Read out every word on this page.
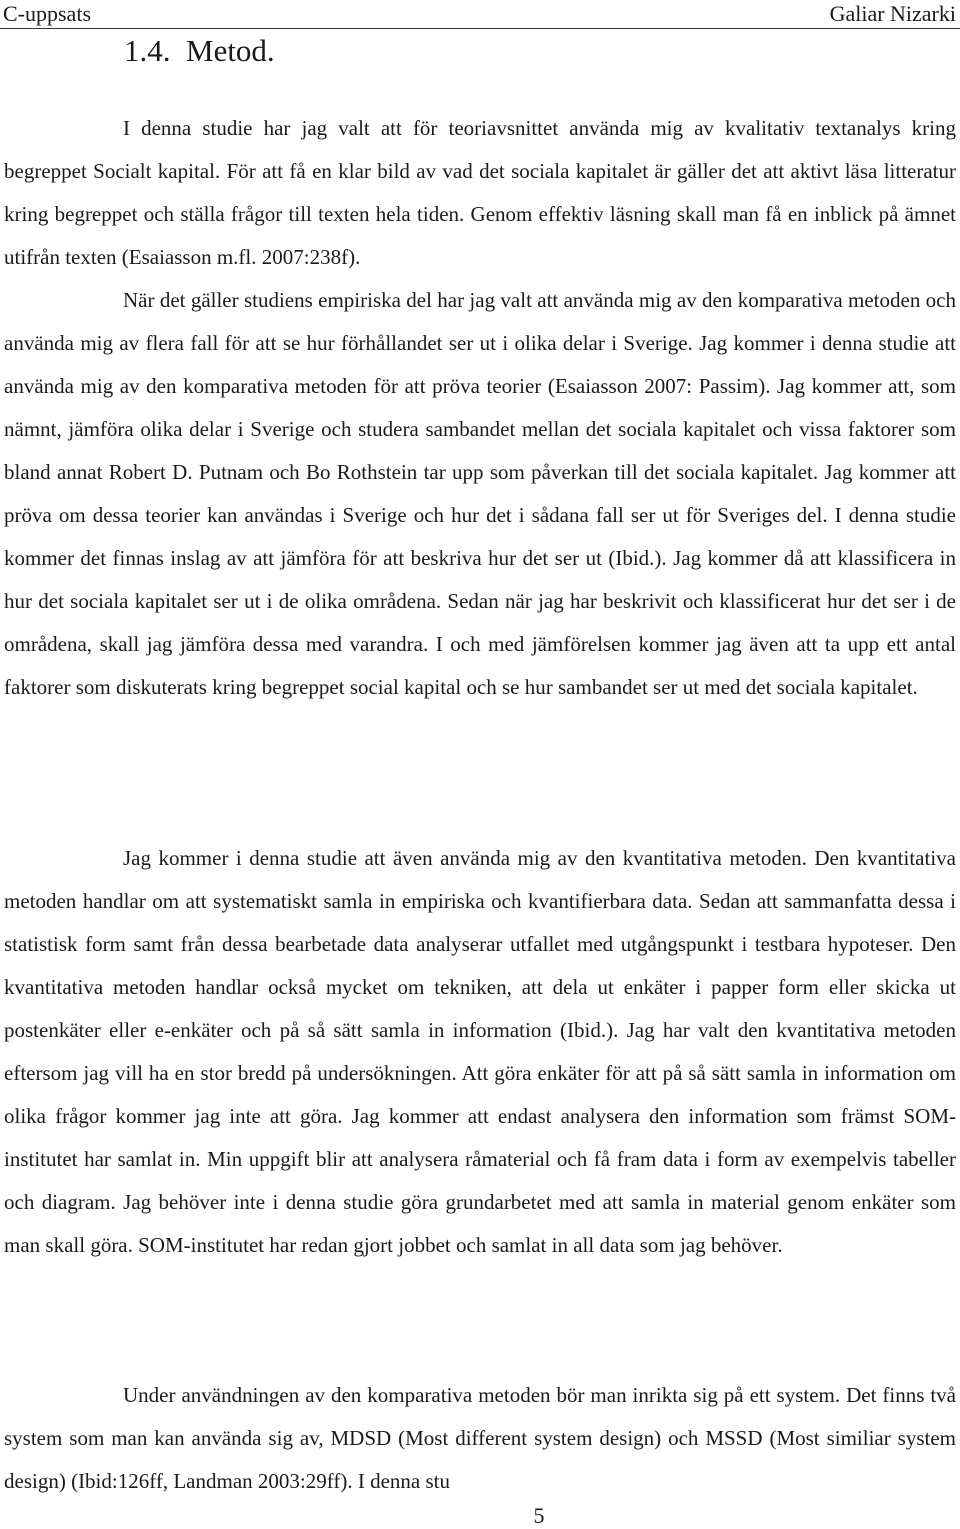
C-uppsats	Galiar Nizarki
1.4. Metod.

I denna studie har jag valt att för teoriavsnittet använda mig av kvalitativ textanalys kring begreppet Socialt kapital. För att få en klar bild av vad det sociala kapitalet är gäller det att aktivt läsa litteratur kring begreppet och ställa frågor till texten hela tiden. Genom effektiv läsning skall man få en inblick på ämnet utifrån texten (Esaiasson m.fl. 2007:238f).

När det gäller studiens empiriska del har jag valt att använda mig av den komparativa metoden och använda mig av flera fall för att se hur förhållandet ser ut i olika delar i Sverige. Jag kommer i denna studie att använda mig av den komparativa metoden för att pröva teorier (Esaiasson 2007: Passim). Jag kommer att, som nämnt, jämföra olika delar i Sverige och studera sambandet mellan det sociala kapitalet och vissa faktorer som bland annat Robert D. Putnam och Bo Rothstein tar upp som påverkan till det sociala kapitalet. Jag kommer att pröva om dessa teorier kan användas i Sverige och hur det i sådana fall ser ut för Sveriges del. I denna studie kommer det finnas inslag av att jämföra för att beskriva hur det ser ut (Ibid.). Jag kommer då att klassificera in hur det sociala kapitalet ser ut i de olika områdena. Sedan när jag har beskrivit och klassificerat hur det ser i de områdena, skall jag jämföra dessa med varandra. I och med jämförelsen kommer jag även att ta upp ett antal faktorer som diskuterats kring begreppet social kapital och se hur sambandet ser ut med det sociala kapitalet.

Jag kommer i denna studie att även använda mig av den kvantitativa metoden. Den kvantitativa metoden handlar om att systematiskt samla in empiriska och kvantifierbara data. Sedan att sammanfatta dessa i statistisk form samt från dessa bearbetade data analyserar utfallet med utgångspunkt i testbara hypoteser. Den kvantitativa metoden handlar också mycket om tekniken, att dela ut enkäter i papper form eller skicka ut postenkäter eller e-enkäter och på så sätt samla in information (Ibid.). Jag har valt den kvantitativa metoden eftersom jag vill ha en stor bredd på undersökningen. Att göra enkäter för att på så sätt samla in information om olika frågor kommer jag inte att göra. Jag kommer att endast analysera den information som främst SOM-institutet har samlat in. Min uppgift blir att analysera råmaterial och få fram data i form av exempelvis tabeller och diagram. Jag behöver inte i denna studie göra grundarbetet med att samla in material genom enkäter som man skall göra. SOM-institutet har redan gjort jobbet och samlat in all data som jag behöver.

Under användningen av den komparativa metoden bör man inrikta sig på ett system. Det finns två system som man kan använda sig av, MDSD (Most different system design) och MSSD (Most similiar system design) (Ibid:126ff, Landman 2003:29ff). I denna stu

5
